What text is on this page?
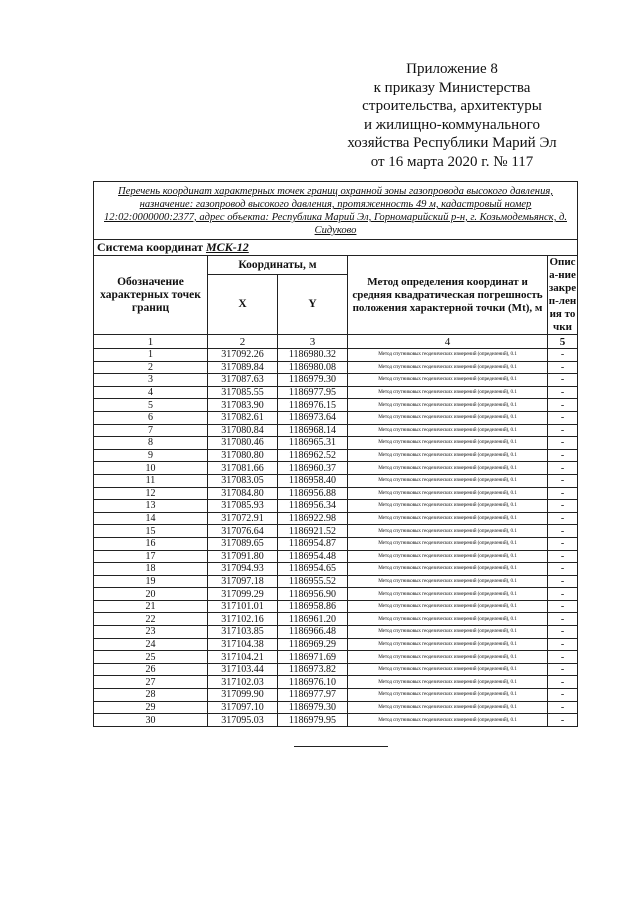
Приложение 8
к приказу Министерства
строительства, архитектуры
и жилищно-коммунального
хозяйства Республики Марий Эл
от 16 марта 2020 г. № 117
Перечень координат характерных точек границ охранной зоны газопровода высокого давления, назначение: газопровод высокого давления, протяженность 49 м, кадастровый номер 12:02:0000000:2377, адрес объекта: Республика Марий Эл, Горномарийский р-н, г. Козьмодемьянск, д. Сидуково				
Система координат МСК-12				
Обозначение характерных точек границ	Координаты, м		Метод определения координат и средняя квадратическая погрешность положения характерной точки (Mt), м	Описа-ние закреп-ления точки
	X	Y		
1	2	3	4	5
1	317092.26	1186980.32	Метод спутниковых геодезических измерений (определений), 0.1	-
2	317089.84	1186980.08	Метод спутниковых геодезических измерений (определений), 0.1	-
3	317087.63	1186979.30	Метод спутниковых геодезических измерений (определений), 0.1	-
4	317085.55	1186977.95	Метод спутниковых геодезических измерений (определений), 0.1	-
5	317083.90	1186976.15	Метод спутниковых геодезических измерений (определений), 0.1	-
6	317082.61	1186973.64	Метод спутниковых геодезических измерений (определений), 0.1	-
7	317080.84	1186968.14	Метод спутниковых геодезических измерений (определений), 0.1	-
8	317080.46	1186965.31	Метод спутниковых геодезических измерений (определений), 0.1	-
9	317080.80	1186962.52	Метод спутниковых геодезических измерений (определений), 0.1	-
10	317081.66	1186960.37	Метод спутниковых геодезических измерений (определений), 0.1	-
11	317083.05	1186958.40	Метод спутниковых геодезических измерений (определений), 0.1	-
12	317084.80	1186956.88	Метод спутниковых геодезических измерений (определений), 0.1	-
13	317085.93	1186956.34	Метод спутниковых геодезических измерений (определений), 0.1	-
14	317072.91	1186922.98	Метод спутниковых геодезических измерений (определений), 0.1	-
15	317076.64	1186921.52	Метод спутниковых геодезических измерений (определений), 0.1	-
16	317089.65	1186954.87	Метод спутниковых геодезических измерений (определений), 0.1	-
17	317091.80	1186954.48	Метод спутниковых геодезических измерений (определений), 0.1	-
18	317094.93	1186954.65	Метод спутниковых геодезических измерений (определений), 0.1	-
19	317097.18	1186955.52	Метод спутниковых геодезических измерений (определений), 0.1	-
20	317099.29	1186956.90	Метод спутниковых геодезических измерений (определений), 0.1	-
21	317101.01	1186958.86	Метод спутниковых геодезических измерений (определений), 0.1	-
22	317102.16	1186961.20	Метод спутниковых геодезических измерений (определений), 0.1	-
23	317103.85	1186966.48	Метод спутниковых геодезических измерений (определений), 0.1	-
24	317104.38	1186969.29	Метод спутниковых геодезических измерений (определений), 0.1	-
25	317104.21	1186971.69	Метод спутниковых геодезических измерений (определений), 0.1	-
26	317103.44	1186973.82	Метод спутниковых геодезических измерений (определений), 0.1	-
27	317102.03	1186976.10	Метод спутниковых геодезических измерений (определений), 0.1	-
28	317099.90	1186977.97	Метод спутниковых геодезических измерений (определений), 0.1	-
29	317097.10	1186979.30	Метод спутниковых геодезических измерений (определений), 0.1	-
30	317095.03	1186979.95	Метод спутниковых геодезических измерений (определений), 0.1	-
